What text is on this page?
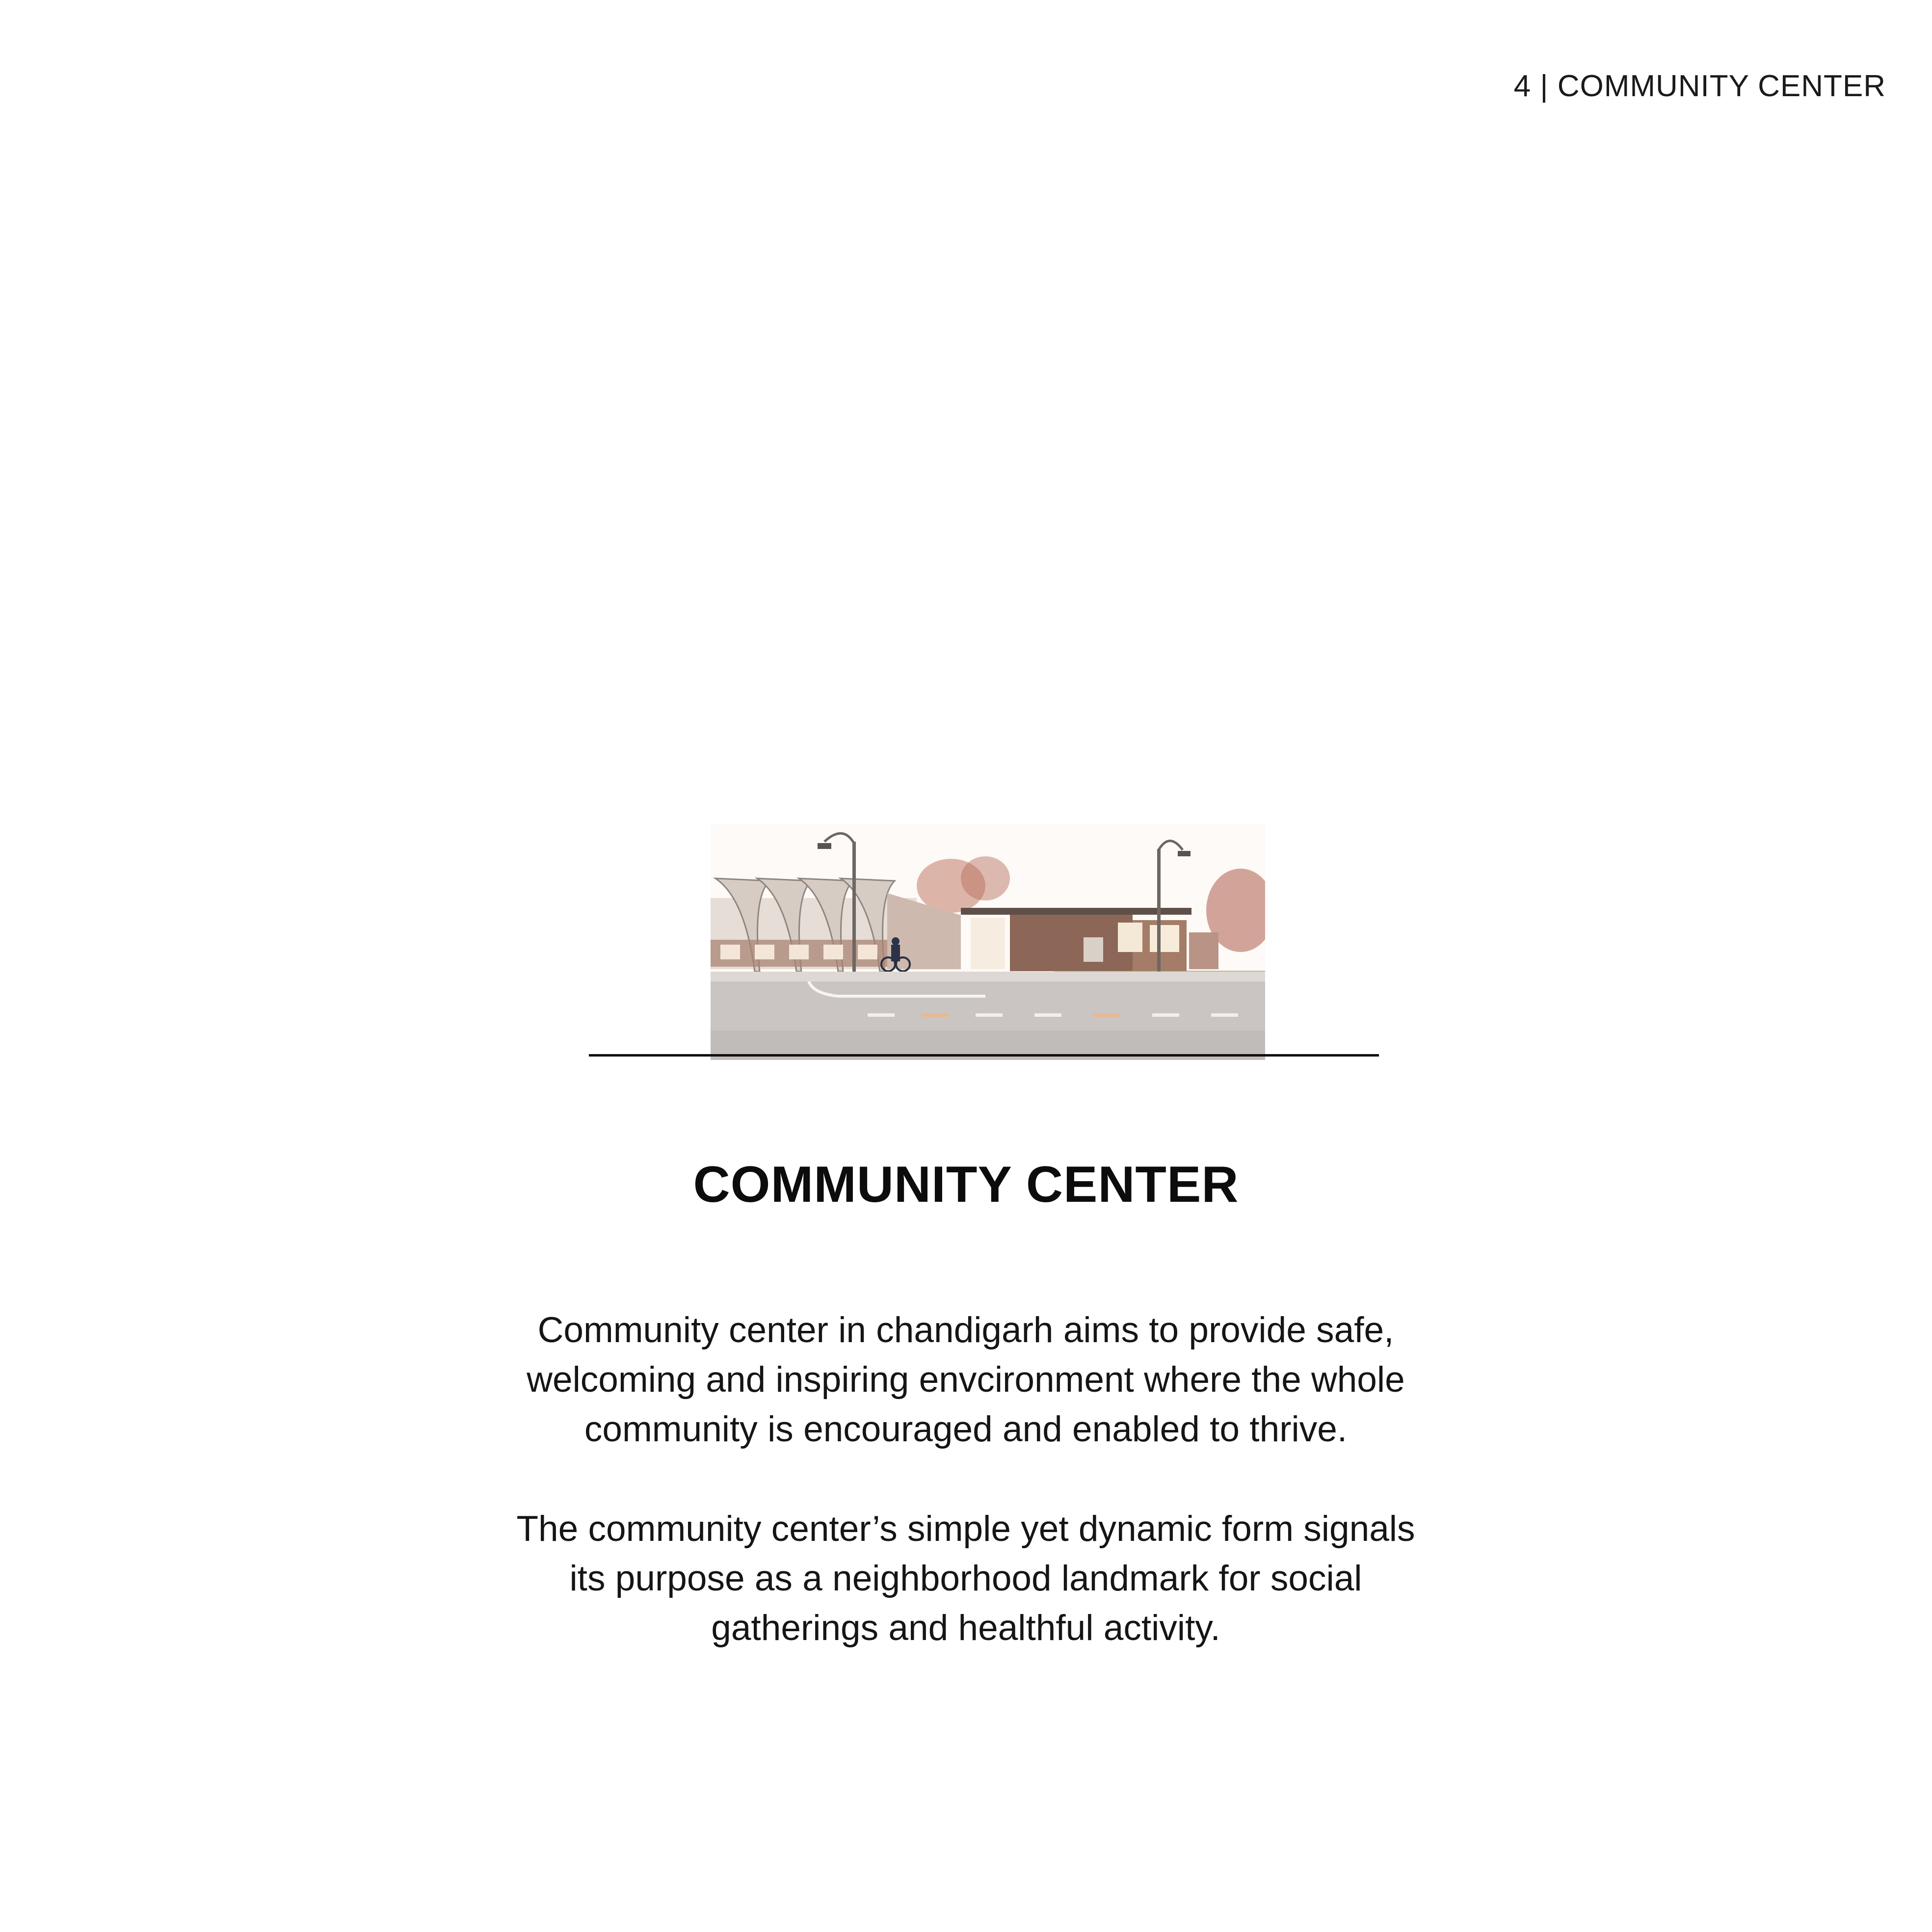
4 | COMMUNITY CENTER
COMMUNITY CENTER
Community center in chandigarh aims to provide safe,
welcoming and inspiring envcironment where the whole
community is encouraged and enabled to thrive.
The community center’s simple yet dynamic form signals
its purpose as a neighborhood landmark for social
gatherings and healthful activity.
